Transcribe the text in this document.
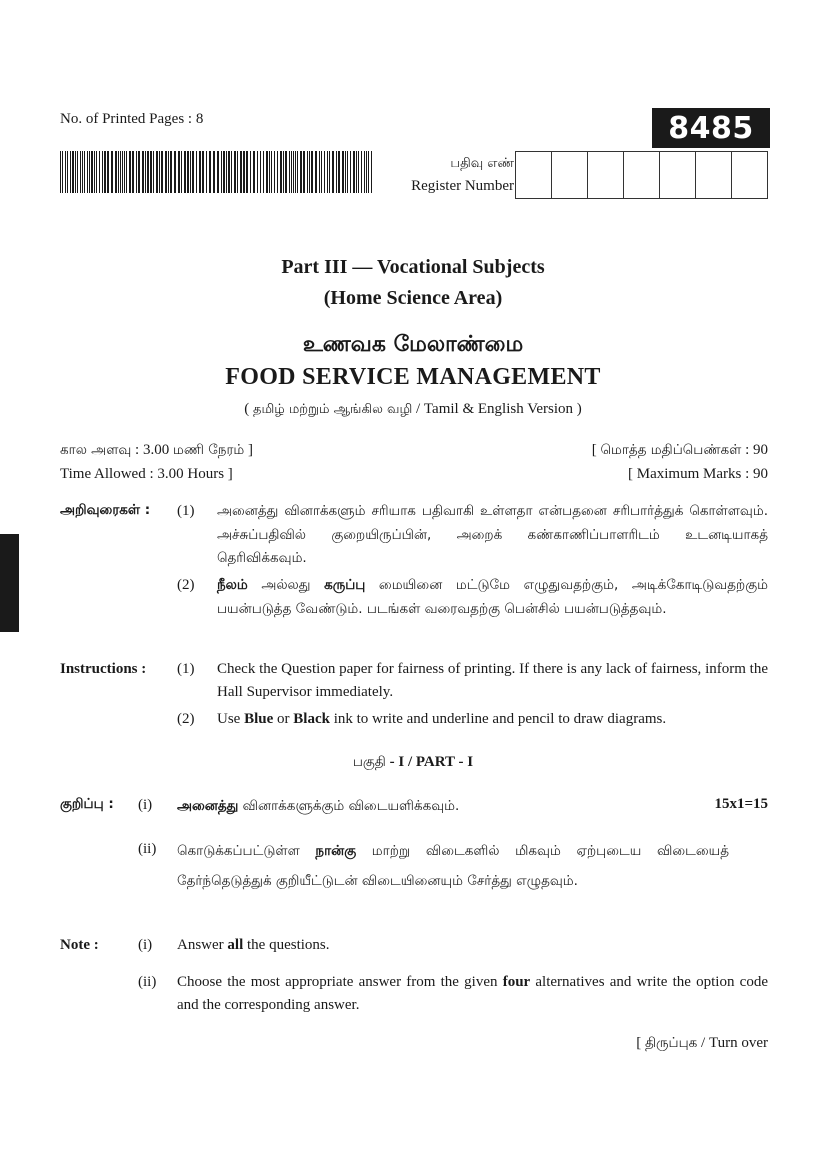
No. of Printed Pages : 8	8485
பதிவு எண்
Register Number
Part III — Vocational Subjects
(Home Science Area)
உணவக மேலாண்மை
FOOD SERVICE MANAGEMENT
( தமிழ் மற்றும் ஆங்கில வழி / Tamil & English Version )
கால அளவு : 3.00 மணி நேரம் ]
Time Allowed : 3.00 Hours ]
[ மொத்த மதிப்பெண்கள் : 90
[ Maximum Marks : 90
அறிவுரைகள் : (1) அனைத்து வினாக்களும் சரியாக பதிவாகி உள்ளதா என்பதனை சரிபார்த்துக் கொள்ளவும். அச்சுப்பதிவில் குறையிருப்பின், அறைக் கண்காணிப்பாளரிடம் உடனடியாகத் தெரிவிக்கவும்.
(2) நீலம் அல்லது கருப்பு மையினை மட்டுமே எழுதுவதற்கும், அடிக்கோடிடுவதற்கும் பயன்படுத்த வேண்டும். படங்கள் வரைவதற்கு பென்சில் பயன்படுத்தவும்.
Instructions : (1) Check the Question paper for fairness of printing. If there is any lack of fairness, inform the Hall Supervisor immediately.
(2) Use Blue or Black ink to write and underline and pencil to draw diagrams.
பகுதி - I / PART - I
குறிப்பு : (i) அனைத்து வினாக்களுக்கும் விடையளிக்கவும்.	15x1=15
(ii) கொடுக்கப்பட்டுள்ள நான்கு மாற்று விடைகளில் மிகவும் ஏற்புடைய விடையைத் தேர்ந்தெடுத்துக் குறியீட்டுடன் விடையினையும் சேர்த்து எழுதவும்.
Note :	(i) Answer all the questions.
(ii) Choose the most appropriate answer from the given four alternatives and write the option code and the corresponding answer.
[ திருப்புக / Turn over
